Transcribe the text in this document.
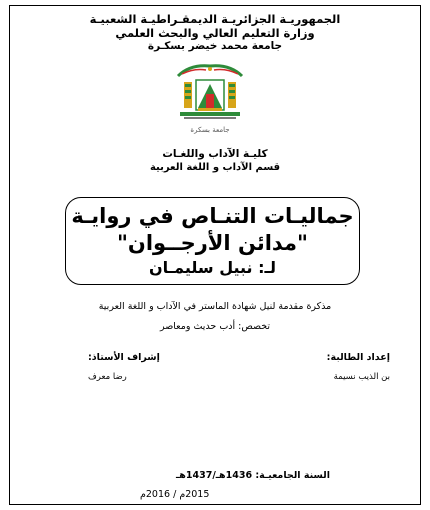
الجمهوريـة الجزائريـة الديمقـراطيـة الشعبيـة
وزارة التعليم العالي والبحث العلمي
جامعة محمد خيضر بسكـرة
جامعة بسكرة
كليـة الآداب واللغـات
قسم الآداب و اللغة العربية
جماليـات التنـاص في روايـة
"مدائن الأرجــوان"
لـ: نبيل سليمـان
مذكرة مقدمة لنيل شهادة الماستر في الآداب و اللغة العربية
تخصص: أدب حديث ومعاصر
إعداد الطالبة:
بن الذيب نسيمة
إشراف الأستاذ:
رضا معرف
السنة الجامعيـة: 1436هـ/1437هـ
2015م / 2016م
